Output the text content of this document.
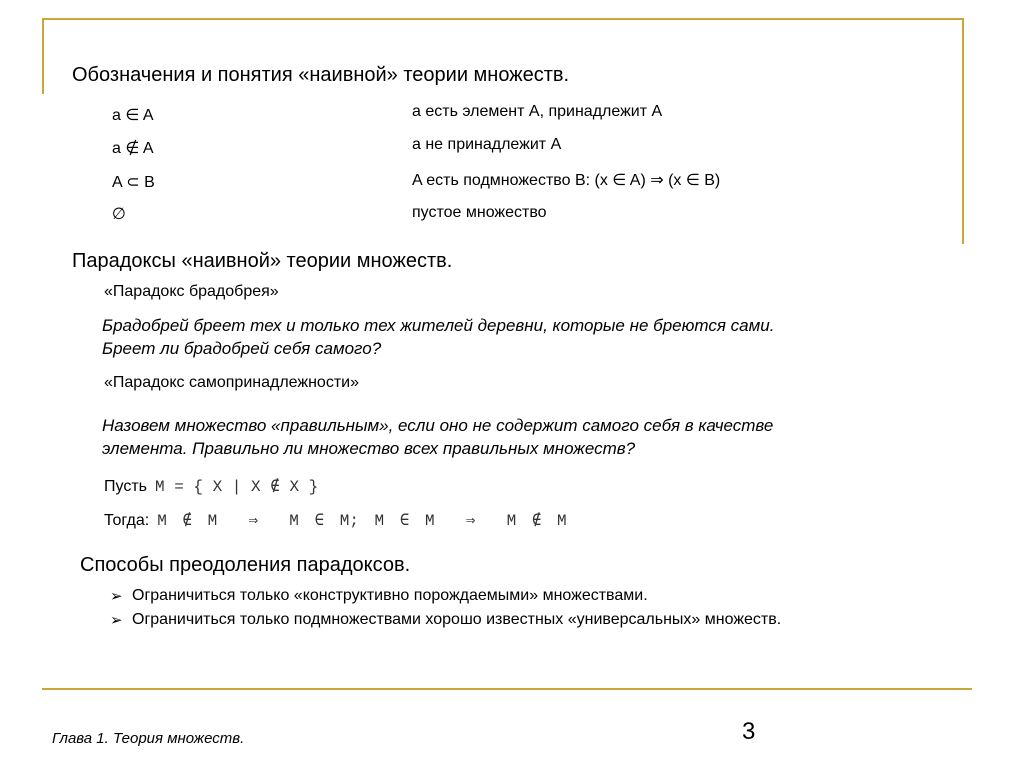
Обозначения и понятия «наивной» теории множеств.
a ∈ A	a есть элемент A, принадлежит A
a ∉ A	a не принадлежит A
A ⊂ B	A есть подмножество B: (x ∈ A) ⇒ (x ∈ B)
∅	пустое множество
Парадоксы «наивной» теории множеств.
«Парадокс брадобрея»
Брадобрей бреет тех и только тех жителей деревни, которые не бреются сами.
Бреет ли брадобрей себя самого?
«Парадокс самопринадлежности»
Назовем множество «правильным», если оно не содержит самого себя в качестве
элемента. Правильно ли множество всех правильных множеств?
Пусть M = { X | X ∉ X }
Тогда: M ∉ M  ⇒  M ∈ M; M ∈ M  ⇒  M ∉ M
Способы преодоления парадоксов.
➢ Ограничиться только «конструктивно порождаемыми» множествами.
➢ Ограничиться только подмножествами хорошо известных «универсальных» множеств.
Глава 1. Теория множеств.	3
